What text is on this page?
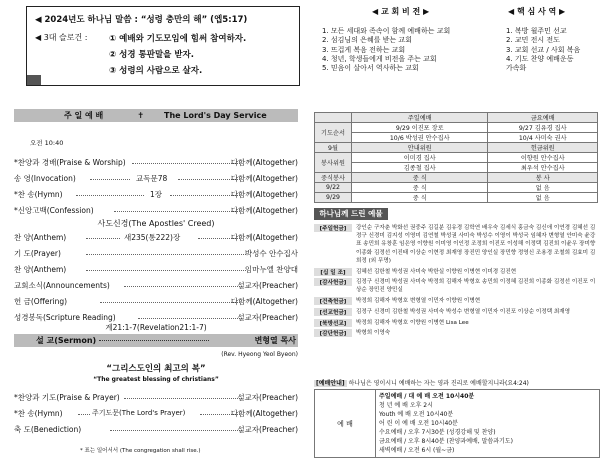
◀ 2024년도 하나님 말씀 : “성령 충만의 해” (엡5:17)
◀ 3대 슬로건 :	① 예배와 기도모임에 힘써 참여하자.
② 성경 통판말을 받자.
③ 성령의 사람으로 살자.
주 일 예 배	✝	The Lord's Day Service
오전 10:40
*찬양과 경배(Praise & Worship)	다함께(Altogether)
송 영(Invocation)	교독문78	다함께(Altogether)
*찬 송(Hymn)	1장	다함께(Altogether)
*신앙고백(Confession)	다함께(Altogether)
사도신경(The Apostles' Creed)
찬 양(Anthem)	새235(통222)장	다함께(Altogether)
기 도(Prayer)	박성수 안수집사
찬 양(Anthem)	임마누엘 찬양대
교회소식(Announcements)	설교자(Preacher)
헌 금(Offering)	다함께(Altogether)
성경봉독(Scripture Reading)	설교자(Preacher)
계21:1-7(Revelation21:1-7)
설 교(Sermon)	변형열 목사
(Rev. Hyeong Yeol Byeon)
“그리스도인의 최고의 복”
“The greatest blessing of christians”
*찬양과 기도(Praise & Prayer)	설교자(Preacher)
*찬 송(Hymn)	주기도문(The Lord's Prayer)	다함께(Altogether)
축 도(Benediction)	설교자(Preacher)
* 표는 일어서서 (The congregation shall rise.)
◀ 교 회 비 전 ▶	◀ 핵 심 사 역 ▶
1. 모든 세대와 족속이 함께 예배하는 교회
2. 섬김님의 은혜를 받는 교회
3. 뜨겁게 복음 전하는 교회
4. 청년, 학생들에게 비전을 주는 교회
5. 믿음이 살아서 역사하는 교회
1. 복방 월주민 선교
2. 교민 전시 전도
3. 교회 선교 / 사회 복음
4. 기도 찬양 예배운동
가속화
	주일예배	금요예배
기도순서	9/29 이진포 장로	9/27 김유경 집사
	10/6 박성권 안수집사	10/4 사미숙 권사
9월	안내위원	헌금위원
봉사위원	이미경 집사	이향원 안수집사
	김종철 집사	최우석 안수집사
중식봉사	중 식	봉 사
9/22	중 식	없 음
9/29	중 식	없 음
하나님께 드린 예물
[주일헌금]	강인순 구자춘 박화선 권중주 김길분 김유경 김학연 배우숙 김세식 홍금숙 김신애 이연경 김혜선 김정구 신경미 김지성 이영미 김연철 박성권 사미숙 박성수 이영이 박성국 임혜자 변형열 안미숙 윤강표 송민희 유창훈 임은영 이향원 이미영 이인정 조정희 이진포 이성해 이정택 김진희 이윤우 장미향 이종화 김정선 이진태 이상순 이현정 최재영 장진민 양인실 장민향 정영신 조용경 조철희 김효미 김희정 (외 무명)
[십 일 조]	김혜선 김한철 박성권 사미숙 박한실 이향원 이병현 이미경 김진현
[감사헌금]	김정구 신경미 박성권 사미숙 박정희 김해자 박형호 송민희 이정혜 김진희 이종화 김정선 이진포 이상순 장민진 양민실
[건축헌금]	박정희 김해자 박형호 변형열 이민자 이향원 이병현
[선교헌금]	김정구 신경미 김한철 박성권 사미숙 박성수 변형열 이민자 이진포 이상순 이정택 최재영
[북방선교]	박정희 김해자 박형호 이향원 이병현 Lisa Lee
[감단헌금]	박형희 이영숙
[예배안내] 하나님은 영이시니 예배하는 자는 영과 진리로 예배할지니라(요4:24)
예 배
주일예배 / 대 예 배 오전 10시40분
청 년 예 배 오후 2시
Youth 예 배 오전 10시40분
어 린 이 예 배 오전 10시40분
수요예배 / 오후 7시30분 (성경강해 및 찬양)
금요예배 / 오후 8시40분 (찬양과예배, 말씀과기도)
새벽예배 / 오전 6시 (월~금)
